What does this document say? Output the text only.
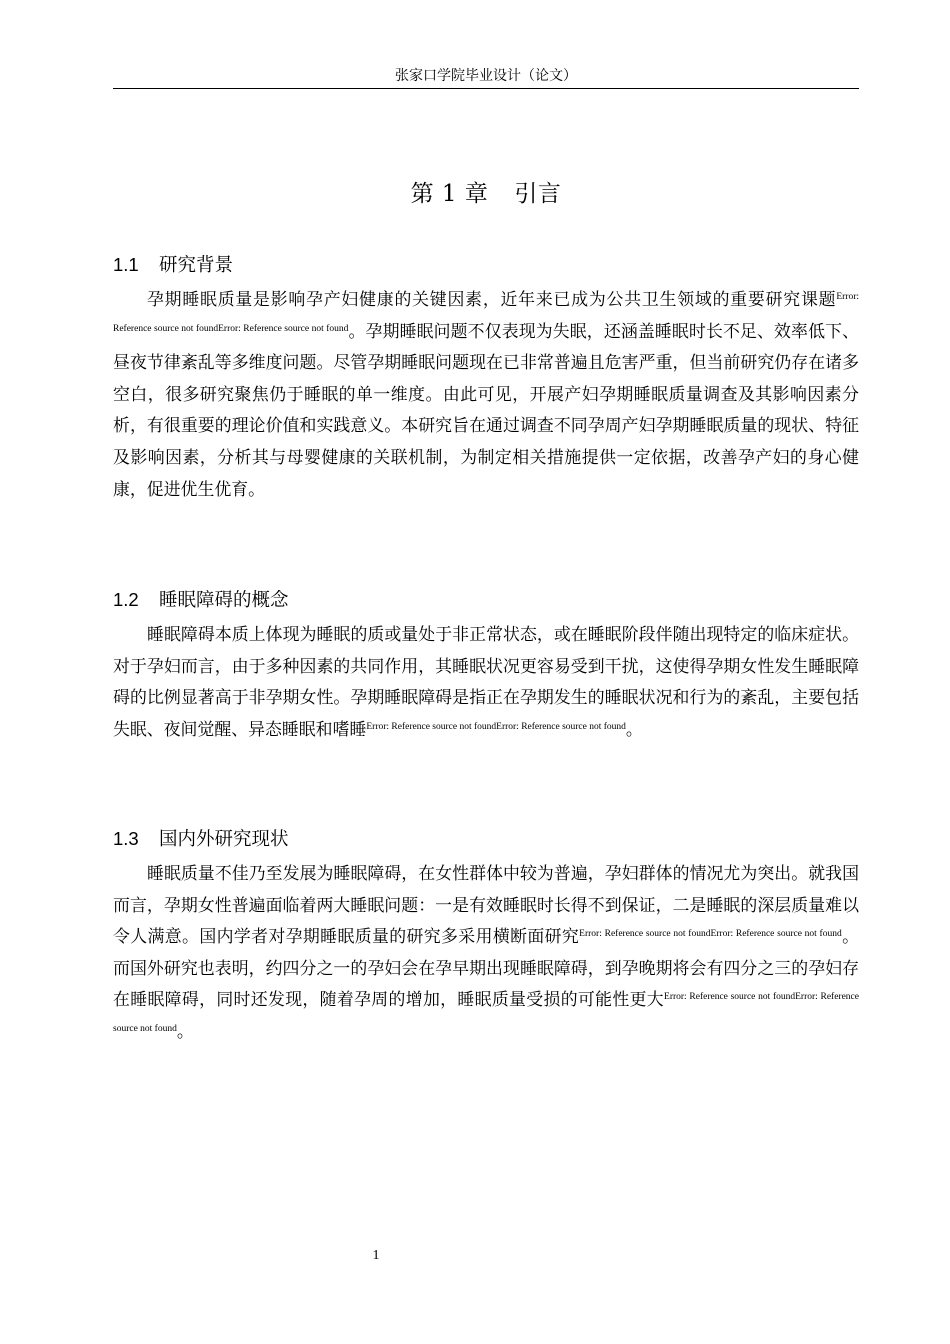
张家口学院毕业设计（论文）
第 1 章 引言
1.1 研究背景

孕期睡眠质量是影响孕产妇健康的关键因素，近年来已成为公共卫生领域的重要研究课题$^{Error: Reference source not foundError: Reference source not found}$。孕期睡眠问题不仅表现为失眠，还涵盖睡眠时长不足、效率低下、昼夜节律紊乱等多维度问题。尽管孕期睡眠问题现在已非常普遍且危害严重，但当前研究仍存在诸多空白，很多研究聚焦仍于睡眠的单一维度。由此可见，开展产妇孕期睡眠质量调查及其影响因素分析，有很重要的理论价值和实践意义。本研究旨在通过调查不同孕周产妇孕期睡眠质量的现状、特征及影响因素，分析其与母婴健康的关联机制，为制定相关措施提供一定依据，改善孕产妇的身心健康，促进优生优育。

1.2 睡眠障碍的概念

睡眠障碍本质上体现为睡眠的质或量处于非正常状态，或在睡眠阶段伴随出现特定的临床症状。对于孕妇而言，由于多种因素的共同作用，其睡眠状况更容易受到干扰，这使得孕期女性发生睡眠障碍的比例显著高于非孕期女性。孕期睡眠障碍是指正在孕期发生的睡眠状况和行为的紊乱，主要包括失眠、夜间觉醒、异态睡眠和嗜睡$^{Error: Reference source not foundError: Reference source not found}$。

1.3 国内外研究现状

睡眠质量不佳乃至发展为睡眠障碍，在女性群体中较为普遍，孕妇群体的情况尤为突出。就我国而言，孕期女性普遍面临着两大睡眠问题：一是有效睡眠时长得不到保证，二是睡眠的深层质量难以令人满意。国内学者对孕期睡眠质量的研究多采用横断面研究$^{Error: Reference source not foundError: Reference source not found}$。而国外研究也表明，约四分之一的孕妇会在孕早期出现睡眠障碍，到孕晚期将会有四分之三的孕妇存在睡眠障碍，同时还发现，随着孕周的增加，睡眠质量受损的可能性更大$^{Error: Reference source not foundError: Reference source not found}$。

1
